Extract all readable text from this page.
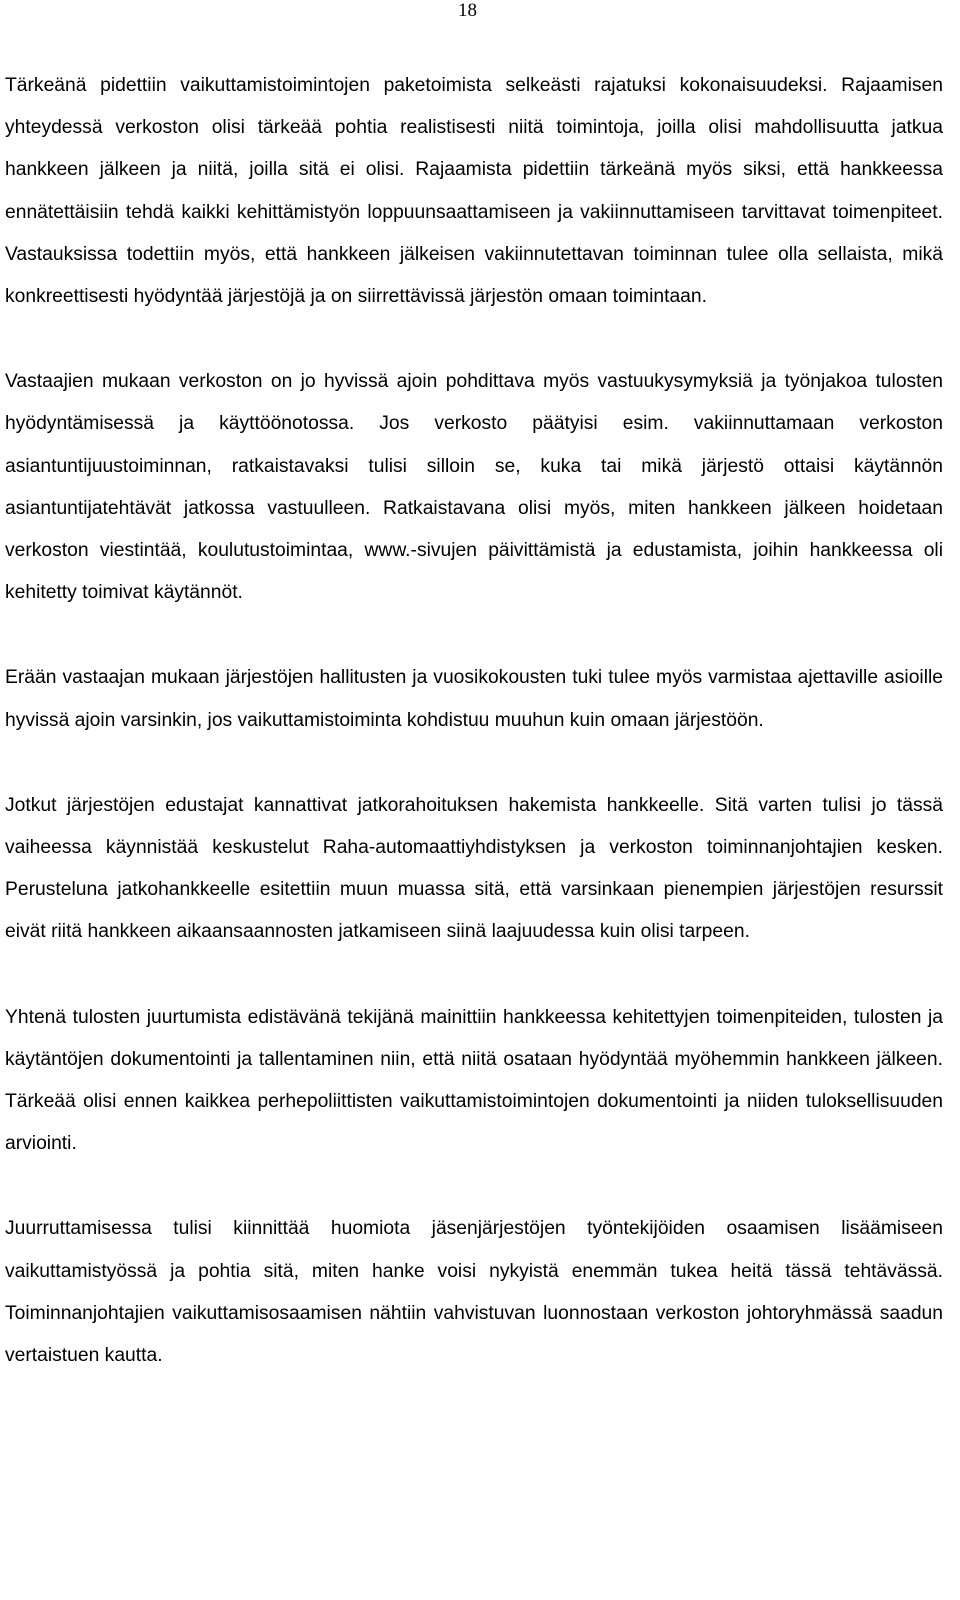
18

Tärkeänä pidettiin vaikuttamistoimintojen paketoimista selkeästi rajatuksi kokonaisuudeksi. Rajaamisen yhteydessä verkoston olisi tärkeää pohtia realistisesti niitä toimintoja, joilla olisi mahdollisuutta jatkua hankkeen jälkeen ja niitä, joilla sitä ei olisi. Rajaamista pidettiin tärkeänä myös siksi, että hankkeessa ennätettäisiin tehdä kaikki kehittämistyön loppuunsaattamiseen ja vakiinnuttamiseen tarvittavat toimenpiteet. Vastauksissa todettiin myös, että hankkeen jälkeisen vakiinnutettavan toiminnan tulee olla sellaista, mikä konkreettisesti hyödyntää järjestöjä ja on siirrettävissä järjestön omaan toimintaan.

Vastaajien mukaan verkoston on jo hyvissä ajoin pohdittava myös vastuukysymyksiä ja työnjakoa tulosten hyödyntämisessä ja käyttöönotossa. Jos verkosto päätyisi esim. vakiinnuttamaan verkoston asiantuntijuustoiminnan, ratkaistavaksi tulisi silloin se, kuka tai mikä järjestö ottaisi käytännön asiantuntijatehtävät jatkossa vastuulleen. Ratkaistavana olisi myös, miten hankkeen jälkeen hoidetaan verkoston viestintää, koulutustoimintaa, www.-sivujen päivittämistä ja edustamista, joihin hankkeessa oli kehitetty toimivat käytännöt.

Erään vastaajan mukaan järjestöjen hallitusten ja vuosikokousten tuki tulee myös varmistaa ajettaville asioille hyvissä ajoin varsinkin, jos vaikuttamistoiminta kohdistuu muuhun kuin omaan järjestöön.

Jotkut järjestöjen edustajat kannattivat jatkorahoituksen hakemista hankkeelle. Sitä varten tulisi jo tässä vaiheessa käynnistää keskustelut Raha-automaattiyhdistyksen ja verkoston toiminnanjohtajien kesken. Perusteluna jatkohankkeelle esitettiin muun muassa sitä, että varsinkaan pienempien järjestöjen resurssit eivät riitä hankkeen aikaansaannosten jatkamiseen siinä laajuudessa kuin olisi tarpeen.

Yhtenä tulosten juurtumista edistävänä tekijänä mainittiin hankkeessa kehitettyjen toimenpiteiden, tulosten ja käytäntöjen dokumentointi ja tallentaminen niin, että niitä osataan hyödyntää myöhemmin hankkeen jälkeen. Tärkeää olisi ennen kaikkea perhepoliittisten vaikuttamistoimintojen dokumentointi ja niiden tuloksellisuuden arviointi.

Juurruttamisessa tulisi kiinnittää huomiota jäsenjärjestöjen työntekijöiden osaamisen lisäämiseen vaikuttamistyössä ja pohtia sitä, miten hanke voisi nykyistä enemmän tukea heitä tässä tehtävässä. Toiminnanjohtajien vaikuttamisosaamisen nähtiin vahvistuvan luonnostaan verkoston johtoryhmässä saadun vertaistuen kautta.
